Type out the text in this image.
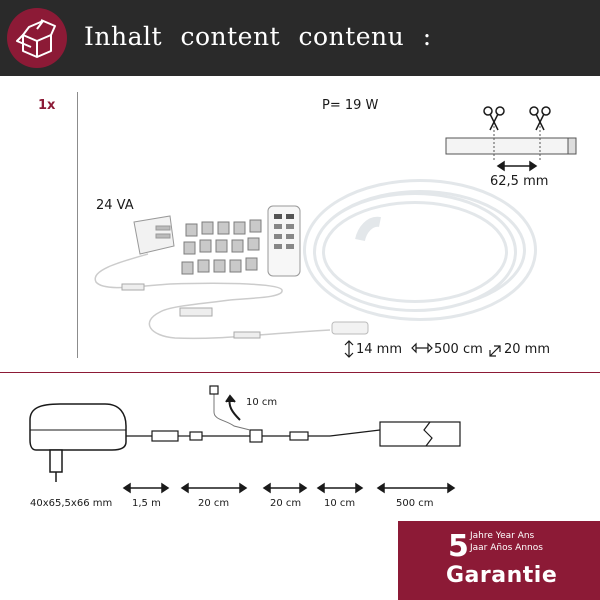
Inhalt content contenu :
1x	P= 19 W
24 VA
62,5 mm
14 mm 500 cm 20 mm
10 cm
40x65,5x66 mm 1,5 m	20 cm	20 cm 10 cm	500 cm
5 Jahre Year Ans
Jaar Años Annos
Garantie
